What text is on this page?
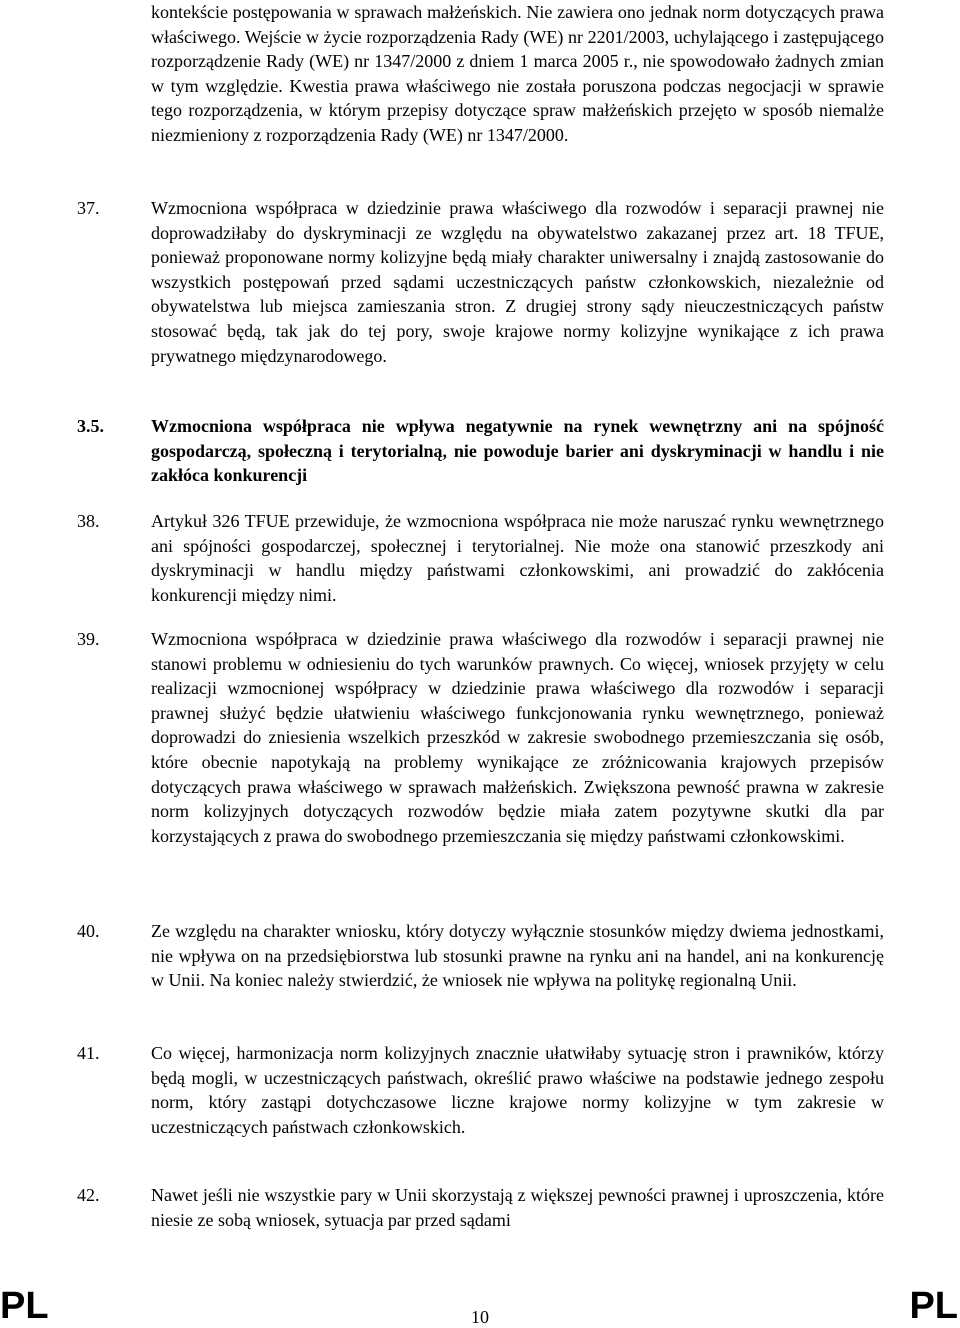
kontekście postępowania w sprawach małżeńskich. Nie zawiera ono jednak norm dotyczących prawa właściwego. Wejście w życie rozporządzenia Rady (WE) nr 2201/2003, uchylającego i zastępującego rozporządzenie Rady (WE) nr 1347/2000 z dniem 1 marca 2005 r., nie spowodowało żadnych zmian w tym względzie. Kwestia prawa właściwego nie została poruszona podczas negocjacji w sprawie tego rozporządzenia, w którym przepisy dotyczące spraw małżeńskich przejęto w sposób niemalże niezmieniony z rozporządzenia Rady (WE) nr 1347/2000.

37.	Wzmocniona współpraca w dziedzinie prawa właściwego dla rozwodów i separacji prawnej nie doprowadziłaby do dyskryminacji ze względu na obywatelstwo zakazanej przez art. 18 TFUE, ponieważ proponowane normy kolizyjne będą miały charakter uniwersalny i znajdą zastosowanie do wszystkich postępowań przed sądami uczestniczących państw członkowskich, niezależnie od obywatelstwa lub miejsca zamieszania stron. Z drugiej strony sądy nieuczestniczących państw stosować będą, tak jak do tej pory, swoje krajowe normy kolizyjne wynikające z ich prawa prywatnego międzynarodowego.

3.5.	Wzmocniona współpraca nie wpływa negatywnie na rynek wewnętrzny ani na spójność gospodarczą, społeczną i terytorialną, nie powoduje barier ani dyskryminacji w handlu i nie zakłóca konkurencji

38.	Artykuł 326 TFUE przewiduje, że wzmocniona współpraca nie może naruszać rynku wewnętrznego ani spójności gospodarczej, społecznej i terytorialnej. Nie może ona stanowić przeszkody ani dyskryminacji w handlu między państwami członkowskimi, ani prowadzić do zakłócenia konkurencji między nimi.

39.	Wzmocniona współpraca w dziedzinie prawa właściwego dla rozwodów i separacji prawnej nie stanowi problemu w odniesieniu do tych warunków prawnych. Co więcej, wniosek przyjęty w celu realizacji wzmocnionej współpracy w dziedzinie prawa właściwego dla rozwodów i separacji prawnej służyć będzie ułatwieniu właściwego funkcjonowania rynku wewnętrznego, ponieważ doprowadzi do zniesienia wszelkich przeszkód w zakresie swobodnego przemieszczania się osób, które obecnie napotykają na problemy wynikające ze zróżnicowania krajowych przepisów dotyczących prawa właściwego w sprawach małżeńskich. Zwiększona pewność prawna w zakresie norm kolizyjnych dotyczących rozwodów będzie miała zatem pozytywne skutki dla par korzystających z prawa do swobodnego przemieszczania się między państwami członkowskimi.

40.	Ze względu na charakter wniosku, który dotyczy wyłącznie stosunków między dwiema jednostkami, nie wpływa on na przedsiębiorstwa lub stosunki prawne na rynku ani na handel, ani na konkurencję w Unii. Na koniec należy stwierdzić, że wniosek nie wpływa na politykę regionalną Unii.

41.	Co więcej, harmonizacja norm kolizyjnych znacznie ułatwiłaby sytuację stron i prawników, którzy będą mogli, w uczestniczących państwach, określić prawo właściwe na podstawie jednego zespołu norm, który zastąpi dotychczasowe liczne krajowe normy kolizyjne w tym zakresie w uczestniczących państwach członkowskich.

42.	Nawet jeśli nie wszystkie pary w Unii skorzystają z większej pewności prawnej i uproszczenia, które niesie ze sobą wniosek, sytuacja par przed sądami

PL	10	PL
